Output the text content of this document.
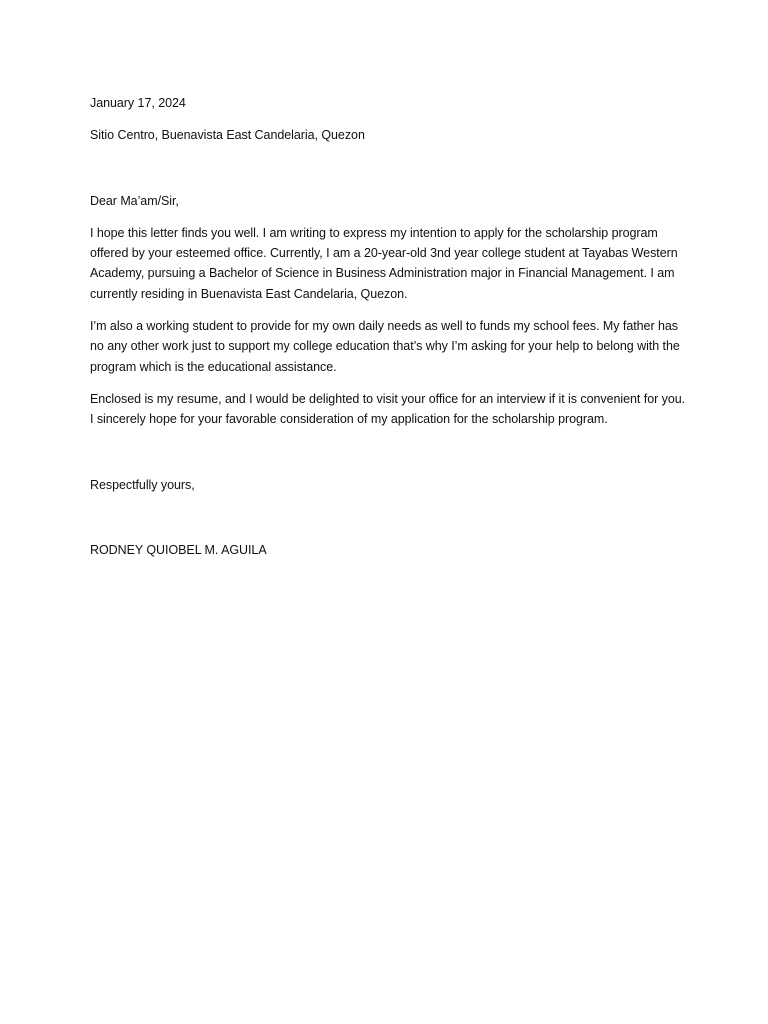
January 17, 2024

Sitio Centro, Buenavista East Candelaria, Quezon

Dear Ma’am/Sir,

I hope this letter finds you well. I am writing to express my intention to apply for the scholarship program offered by your esteemed office. Currently, I am a 20-year-old 3nd year college student at Tayabas Western Academy, pursuing a Bachelor of Science in Business Administration major in Financial Management. I am currently residing in Buenavista East Candelaria, Quezon.

I’m also a working student to provide for my own daily needs as well to funds my school fees. My father has no any other work just to support my college education that’s why I’m asking for your help to belong with the program which is the educational assistance.

Enclosed is my resume, and I would be delighted to visit your office for an interview if it is convenient for you. I sincerely hope for your favorable consideration of my application for the scholarship program.

Respectfully yours,

RODNEY QUIOBEL M. AGUILA
